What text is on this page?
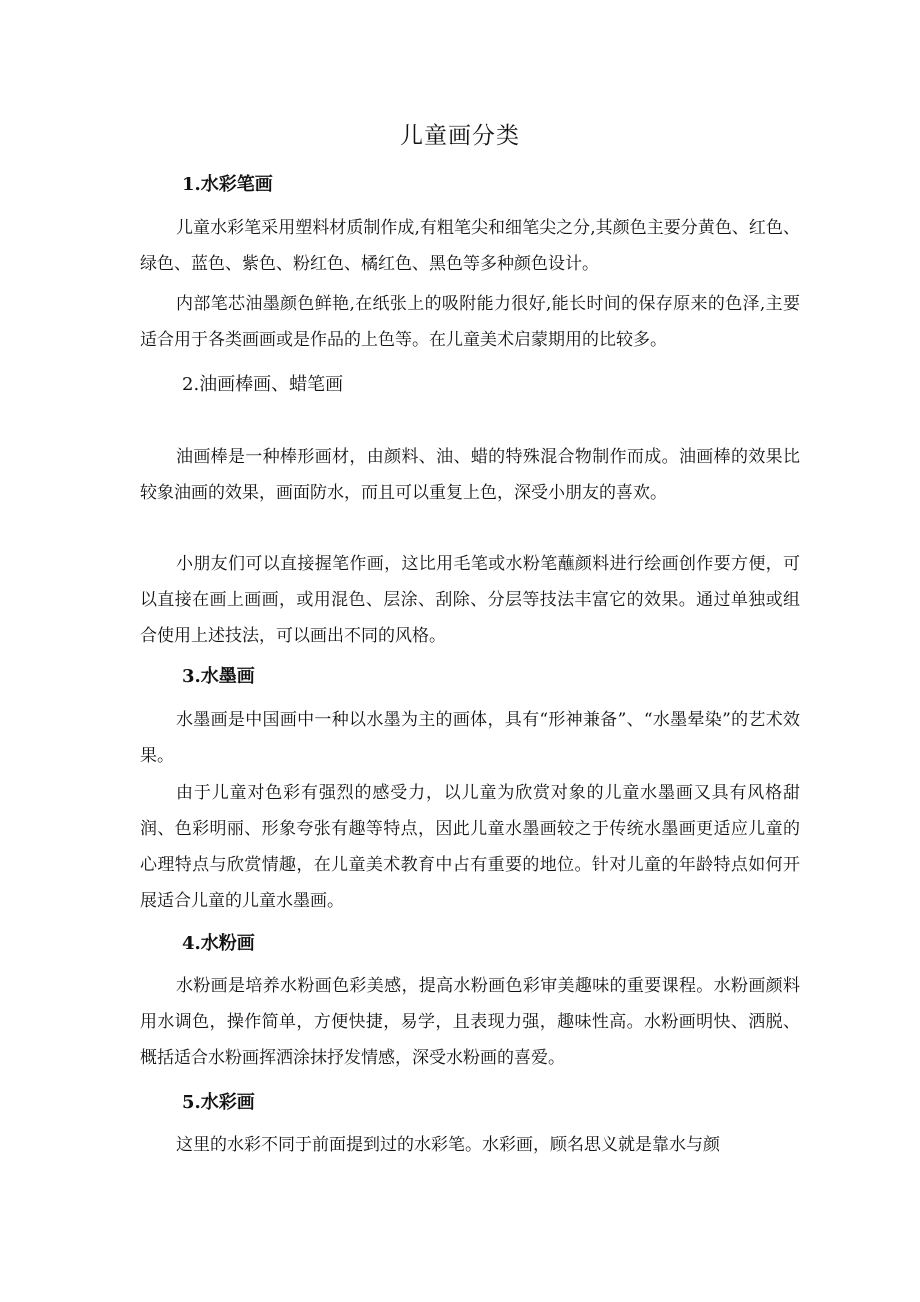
儿童画分类
1.水彩笔画

儿童水彩笔采用塑料材质制作成,有粗笔尖和细笔尖之分,其颜色主要分黄色、红色、绿色、蓝色、紫色、粉红色、橘红色、黑色等多种颜色设计。

内部笔芯油墨颜色鲜艳,在纸张上的吸附能力很好,能长时间的保存原来的色泽,主要适合用于各类画画或是作品的上色等。在儿童美术启蒙期用的比较多。

2.油画棒画、蜡笔画

油画棒是一种棒形画材，由颜料、油、蜡的特殊混合物制作而成。油画棒的效果比较象油画的效果，画面防水，而且可以重复上色，深受小朋友的喜欢。

小朋友们可以直接握笔作画，这比用毛笔或水粉笔蘸颜料进行绘画创作要方便，可以直接在画上画画，或用混色、层涂、刮除、分层等技法丰富它的效果。通过单独或组合使用上述技法，可以画出不同的风格。

3.水墨画

水墨画是中国画中一种以水墨为主的画体，具有“形神兼备”、“水墨晕染”的艺术效果。

由于儿童对色彩有强烈的感受力，以儿童为欣赏对象的儿童水墨画又具有风格甜润、色彩明丽、形象夸张有趣等特点，因此儿童水墨画较之于传统水墨画更适应儿童的心理特点与欣赏情趣，在儿童美术教育中占有重要的地位。针对儿童的年龄特点如何开展适合儿童的儿童水墨画。

4.水粉画

水粉画是培养水粉画色彩美感，提高水粉画色彩审美趣味的重要课程。水粉画颜料用水调色，操作简单，方便快捷，易学，且表现力强，趣味性高。水粉画明快、洒脱、概括适合水粉画挥洒涂抹抒发情感，深受水粉画的喜爱。

5.水彩画

这里的水彩不同于前面提到过的水彩笔。水彩画，顾名思义就是靠水与颜
